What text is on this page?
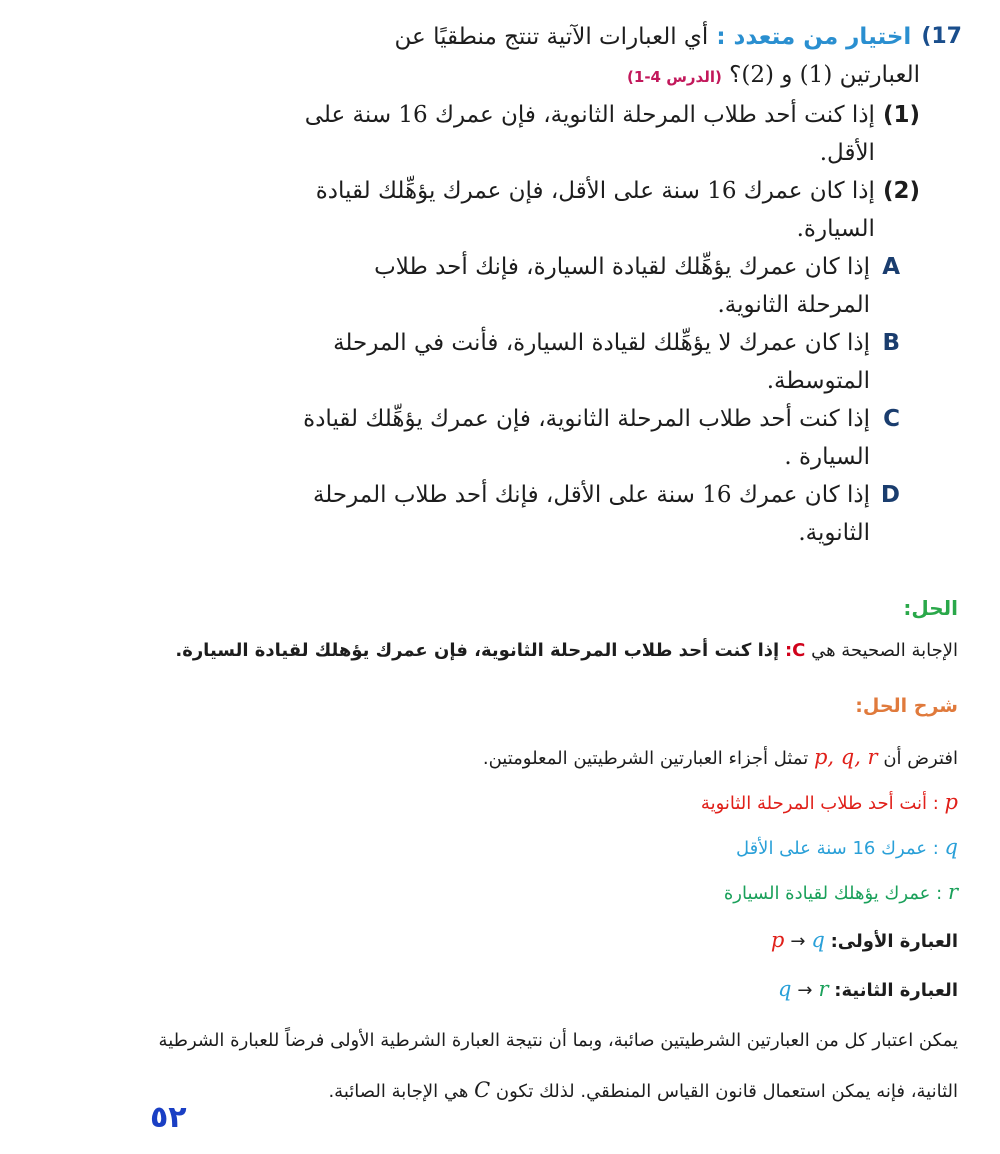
17)
اختيار من متعدد :
أي العبارات الآتية تنتج منطقيًا عن
العبارتين (1) و (2)؟ (الدرس 4-1)
(1)
إذا كنت أحد طلاب المرحلة الثانوية، فإن عمرك 16 سنة على
الأقل.
(2)
إذا كان عمرك 16 سنة على الأقل، فإن عمرك يؤهِّلك لقيادة
السيارة.
A
إذا كان عمرك يؤهِّلك لقيادة السيارة، فإنك أحد طلاب
المرحلة الثانوية.
B
إذا كان عمرك لا يؤهِّلك لقيادة السيارة، فأنت في المرحلة
المتوسطة.
C
إذا كنت أحد طلاب المرحلة الثانوية، فإن عمرك يؤهِّلك لقيادة
السيارة .
D
إذا كان عمرك 16 سنة على الأقل، فإنك أحد طلاب المرحلة
الثانوية.
الحل:
الإجابة الصحيحة هي C: إذا كنت أحد طلاب المرحلة الثانوية، فإن عمرك يؤهلك لقيادة السيارة.
شرح الحل:
افترض أن p, q, r تمثل أجزاء العبارتين الشرطيتين المعلومتين.
p : أنت أحد طلاب المرحلة الثانوية
q : عمرك 16 سنة على الأقل
r : عمرك يؤهلك لقيادة السيارة
العبارة الأولى: p → q
العبارة الثانية: q → r
يمكن اعتبار كل من العبارتين الشرطيتين صائبة، وبما أن نتيجة العبارة الشرطية الأولى فرضاً للعبارة الشرطية
الثانية، فإنه يمكن استعمال قانون القياس المنطقي. لذلك تكون C هي الإجابة الصائبة.
٥٢
